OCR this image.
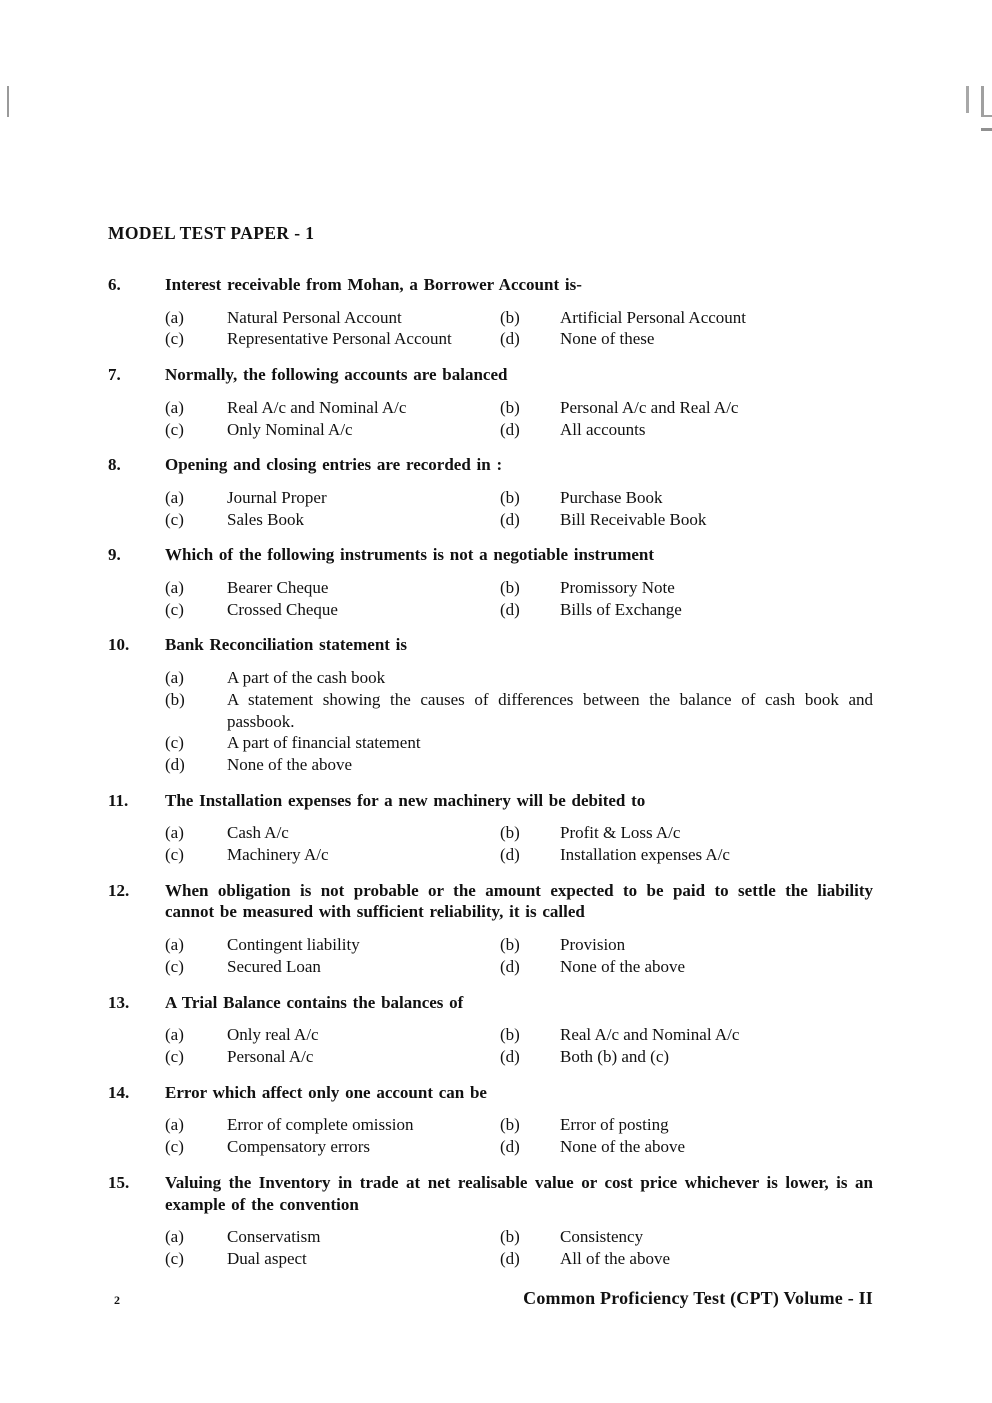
MODEL TEST PAPER - 1
6.	Interest receivable from Mohan, a Borrower Account is-

(a)	Natural Personal Account	(b)	Artificial Personal Account
(c)	Representative Personal Account	(d)	None of these
7.	Normally, the following accounts are balanced

(a)	Real A/c and Nominal A/c	(b)	Personal A/c and Real A/c
(c)	Only Nominal A/c	(d)	All accounts
8.	Opening and closing entries are recorded in :

(a)	Journal Proper	(b)	Purchase Book
(c)	Sales Book	(d)	Bill Receivable Book
9.	Which of the following instruments is not a negotiable instrument

(a)	Bearer Cheque	(b)	Promissory Note
(c)	Crossed Cheque	(d)	Bills of Exchange
10.	Bank Reconciliation statement is

(a)	A part of the cash book
(b)	A statement showing the causes of differences between the balance of cash book and passbook.
(c)	A part of financial statement
(d)	None of the above
11.	The Installation expenses for a new machinery will be debited to

(a)	Cash A/c	(b)	Profit & Loss A/c
(c)	Machinery A/c	(d)	Installation expenses A/c
12.	When obligation is not probable or the amount expected to be paid to settle the liability cannot be measured with sufficient reliability, it is called

(a)	Contingent liability	(b)	Provision
(c)	Secured Loan	(d)	None of the above
13.	A Trial Balance contains the balances of

(a)	Only real A/c	(b)	Real A/c and Nominal A/c
(c)	Personal A/c	(d)	Both (b) and (c)
14.	Error which affect only one account can be

(a)	Error of complete omission	(b)	Error of posting
(c)	Compensatory errors	(d)	None of the above
15.	Valuing the Inventory in trade at net realisable value or cost price whichever is lower, is an example of the convention

(a)	Conservatism	(b)	Consistency
(c)	Dual aspect	(d)	All of the above
2	Common Proficiency Test (CPT) Volume - II
